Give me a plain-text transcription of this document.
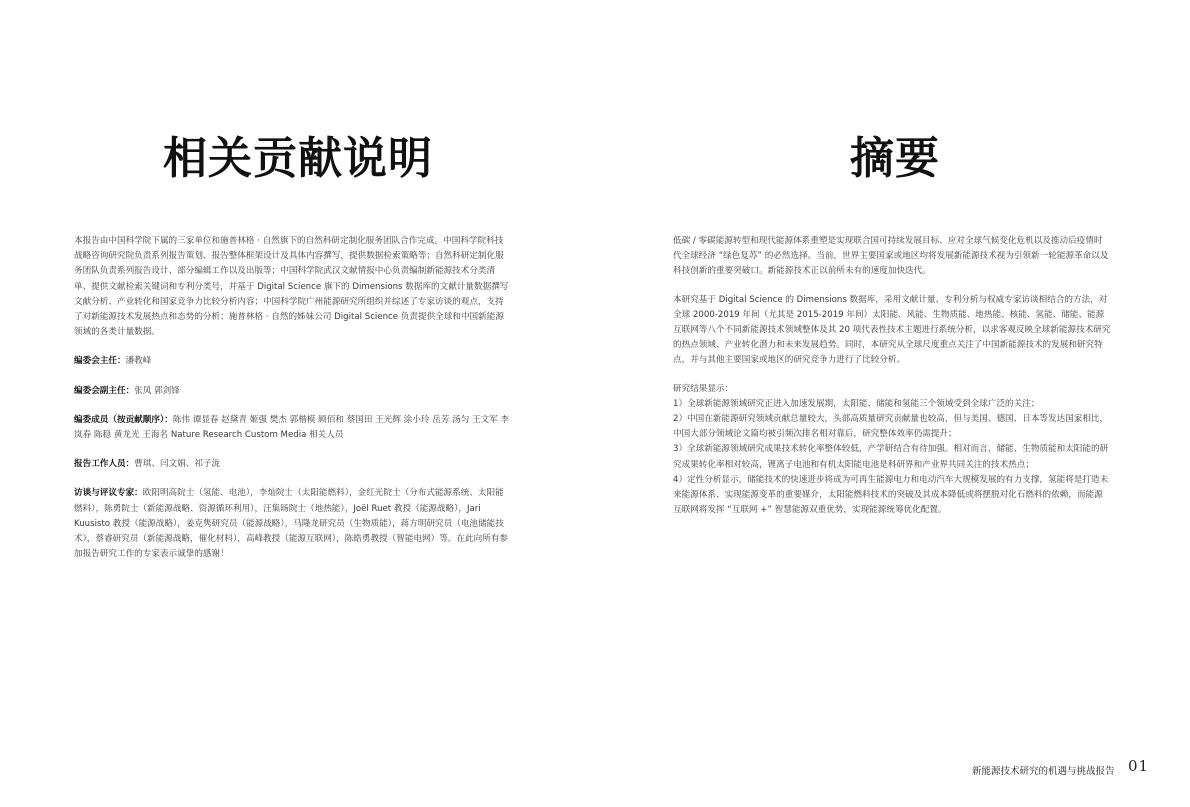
相关贡献说明

本报告由中国科学院下属的三家单位和施普林格 · 自然旗下的自然科研定制化服务团队合作完成。中国科学院科技战略咨询研究院负责系列报告策划、报告整体框架设计及具体内容撰写，提供数据检索策略等；自然科研定制化服务团队负责系列报告设计、部分编辑工作以及出版等；中国科学院武汉文献情报中心负责编制新能源技术分类清单、提供文献检索关键词和专利分类号，并基于 Digital Science 旗下的 Dimensions 数据库的文献计量数据撰写文献分析、产业转化和国家竞争力比较分析内容；中国科学院广州能源研究所组织并综述了专家访谈的观点，支持了对新能源技术发展热点和态势的分析；施普林格 · 自然的姊妹公司 Digital Science 负责提供全球和中国新能源领域的各类计量数据。

编委会主任：潘教峰

编委会副主任：张凤 郭剑锋

编委成员（按贡献顺序）：陈伟 谭显春 赵黛青 姬强 樊杰 郭楷模 顾佰和 蔡国田 王光辉 涂小玲 岳芳 汤匀 王文军 李岚春 陈稳 黄龙光 王海名 Nature Research Custom Media 相关人员

报告工作人员：曹琪、闫文娟、祁子泷

访谈与评议专家：欧阳明高院士（氢能、电池），李灿院士（太阳能燃料），金红光院士（分布式能源系统、太阳能燃料），陈勇院士（新能源战略、资源循环利用），汪集旸院士（地热能），Joël Ruet 教授（能源战略），Jari Kuusisto 教授（能源战略），姜克隽研究员（能源战略），马隆龙研究员（生物质能），蒋方明研究员（电池储能技术），蔡睿研究员（新能源战略，催化材料），高峰教授（能源互联网），陈皓勇教授（智能电网）等。在此向所有参加报告研究工作的专家表示诚挚的感谢！

摘要

低碳 / 零碳能源转型和现代能源体系重塑是实现联合国可持续发展目标、应对全球气候变化危机以及推动后疫情时代全球经济 “绿色复苏” 的必然选择。当前，世界主要国家或地区均将发展新能源技术视为引领新一轮能源革命以及科技创新的重要突破口。新能源技术正以前所未有的速度加快迭代。

本研究基于 Digital Science 的 Dimensions 数据库，采用文献计量、专利分析与权威专家访谈相结合的方法，对全球 2000-2019 年间（尤其是 2015-2019 年间）太阳能、风能、生物质能、地热能、核能、氢能、储能、能源互联网等八个不同新能源技术领域整体及其 20 项代表性技术主题进行系统分析，以求客观反映全球新能源技术研究的热点领域、产业转化潜力和未来发展趋势。同时，本研究从全球尺度重点关注了中国新能源技术的发展和研究特点，并与其他主要国家或地区的研究竞争力进行了比较分析。

研究结果显示：

1）全球新能源领域研究正进入加速发展期，太阳能、储能和氢能三个领域受到全球广泛的关注；

2）中国在新能源研究领域贡献总量较大，头部高质量研究贡献量也较高，但与美国、德国、日本等发达国家相比，中国大部分领域论文篇均被引频次排名相对靠后，研究整体效率仍需提升；

3）全球新能源领域研究成果技术转化率整体较低，产学研结合有待加强。相对而言，储能、生物质能和太阳能的研究成果转化率相对较高，锂离子电池和有机太阳能电池是科研界和产业界共同关注的技术热点；

4）定性分析显示，储能技术的快速进步将成为可再生能源电力和电动汽车大规模发展的有力支撑，氢能将是打造未来能源体系、实现能源变革的重要媒介，太阳能燃料技术的突破及其成本降低或将摆脱对化石燃料的依赖，而能源互联网将发挥 “互联网 +” 智慧能源双重优势，实现能源统筹优化配置。

新能源技术研究的机遇与挑战报告 01
